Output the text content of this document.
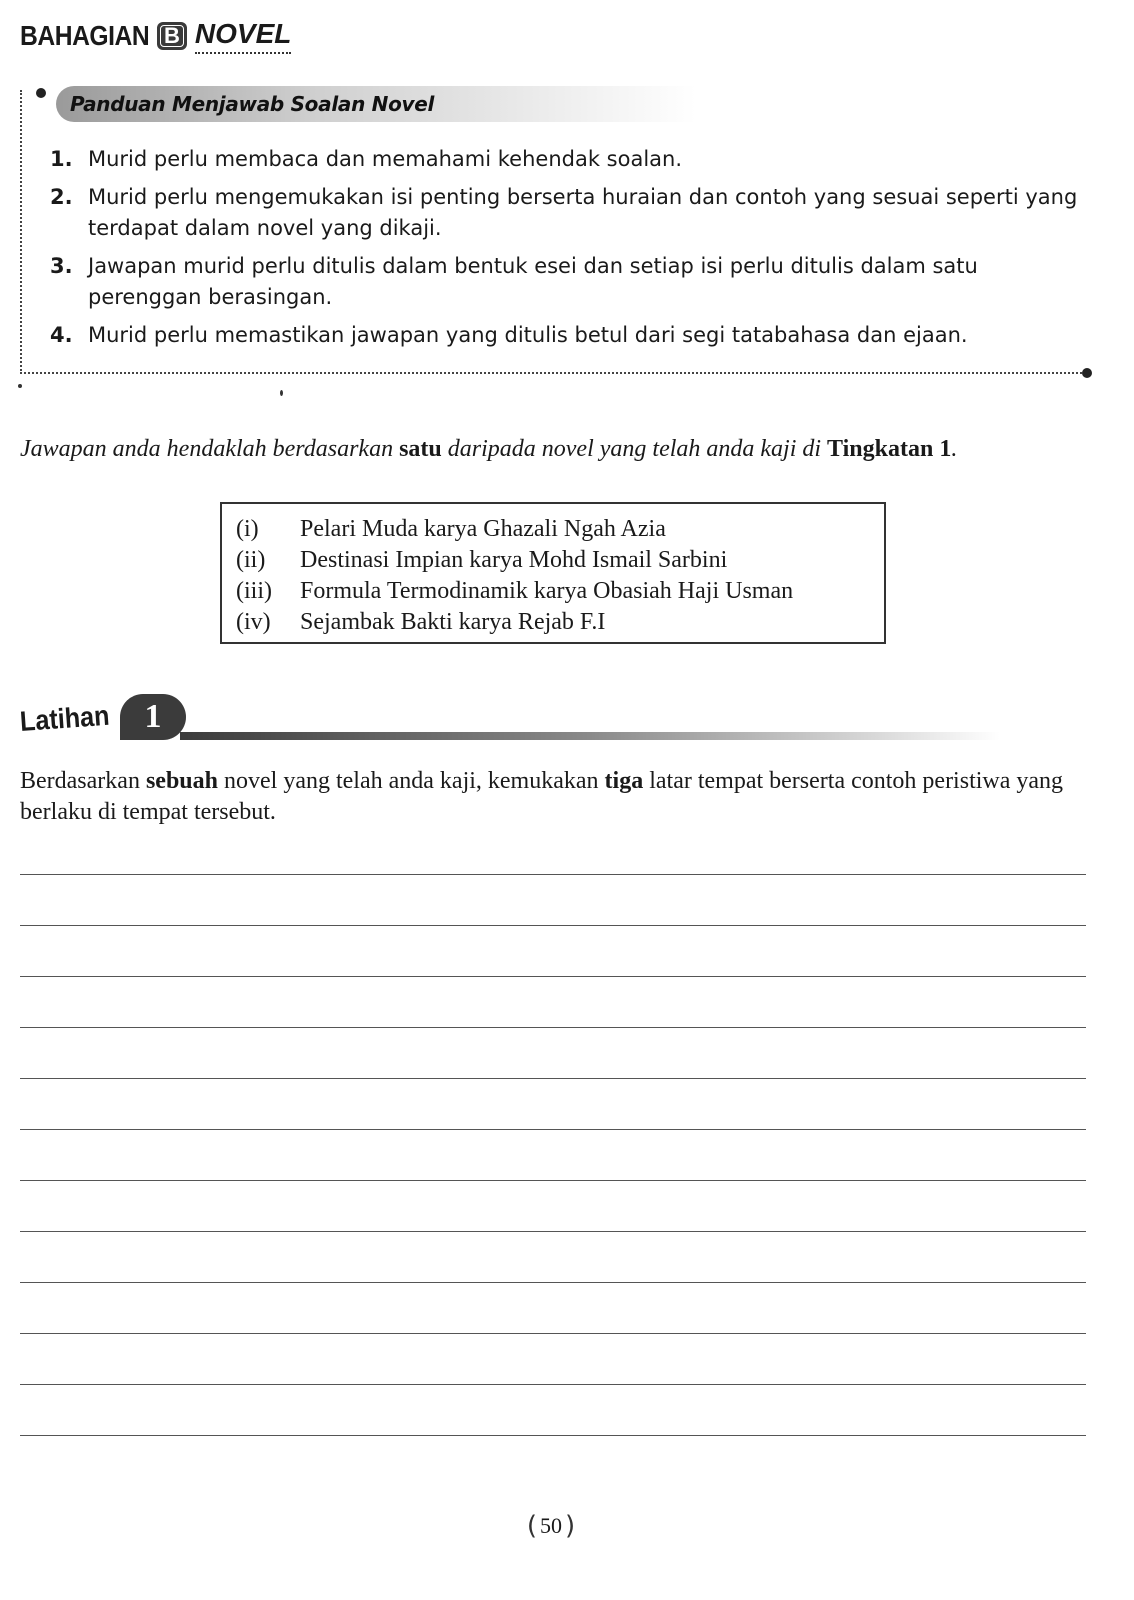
BAHAGIAN B NOVEL
Panduan Menjawab Soalan Novel
1. Murid perlu membaca dan memahami kehendak soalan.
2. Murid perlu mengemukakan isi penting berserta huraian dan contoh yang sesuai seperti yang terdapat dalam novel yang dikaji.
3. Jawapan murid perlu ditulis dalam bentuk esei dan setiap isi perlu ditulis dalam satu perenggan berasingan.
4. Murid perlu memastikan jawapan yang ditulis betul dari segi tatabahasa dan ejaan.
Jawapan anda hendaklah berdasarkan satu daripada novel yang telah anda kaji di Tingkatan 1.
(i)	Pelari Muda karya Ghazali Ngah Azia
(ii)	Destinasi Impian karya Mohd Ismail Sarbini
(iii)	Formula Termodinamik karya Obasiah Haji Usman
(iv)	Sejambak Bakti karya Rejab F.I
Latihan	1
Berdasarkan sebuah novel yang telah anda kaji, kemukakan tiga latar tempat berserta contoh peristiwa yang berlaku di tempat tersebut.
( 50 )
